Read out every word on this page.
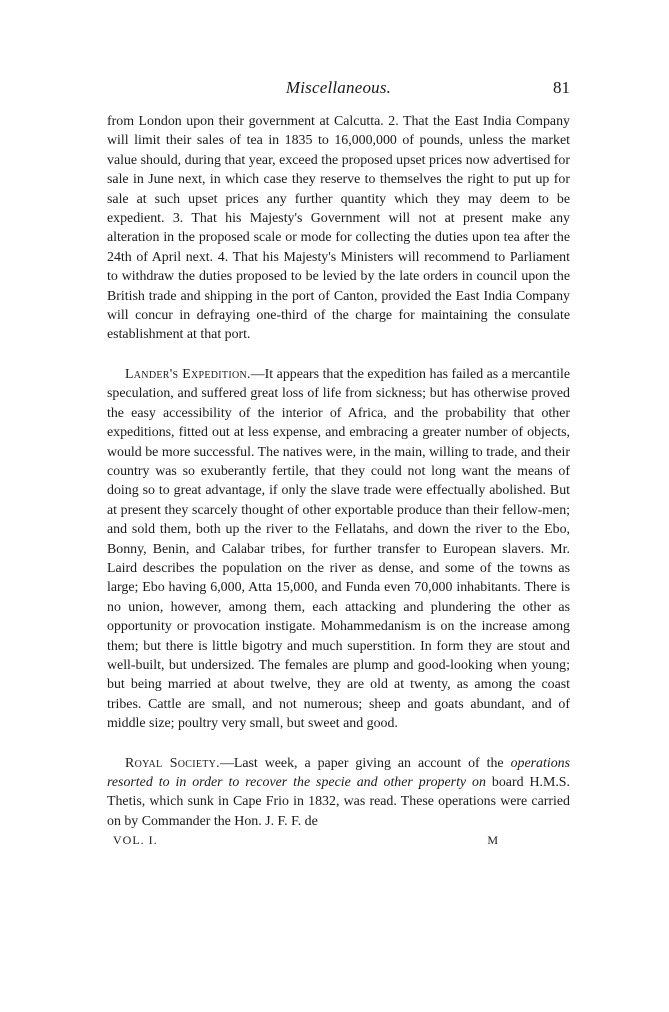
Miscellaneous.	81

from London upon their government at Calcutta. 2. That the East India Company will limit their sales of tea in 1835 to 16,000,000 of pounds, unless the market value should, during that year, exceed the proposed upset prices now advertised for sale in June next, in which case they reserve to themselves the right to put up for sale at such upset prices any further quantity which they may deem to be expedient. 3. That his Majesty's Government will not at present make any alteration in the proposed scale or mode for collecting the duties upon tea after the 24th of April next. 4. That his Majesty's Ministers will recommend to Parliament to withdraw the duties proposed to be levied by the late orders in council upon the British trade and shipping in the port of Canton, provided the East India Company will concur in defraying one-third of the charge for maintaining the consulate establishment at that port.

Lander's Expedition.—It appears that the expedition has failed as a mercantile speculation, and suffered great loss of life from sickness; but has otherwise proved the easy accessibility of the interior of Africa, and the probability that other expeditions, fitted out at less expense, and embracing a greater number of objects, would be more successful. The natives were, in the main, willing to trade, and their country was so exuberantly fertile, that they could not long want the means of doing so to great advantage, if only the slave trade were effectually abolished. But at present they scarcely thought of other exportable produce than their fellow-men; and sold them, both up the river to the Fellatahs, and down the river to the Ebo, Bonny, Benin, and Calabar tribes, for further transfer to European slavers. Mr. Laird describes the population on the river as dense, and some of the towns as large; Ebo having 6,000, Atta 15,000, and Funda even 70,000 inhabitants. There is no union, however, among them, each attacking and plundering the other as opportunity or provocation instigate. Mohammedanism is on the increase among them; but there is little bigotry and much superstition. In form they are stout and well-built, but undersized. The females are plump and good-looking when young; but being married at about twelve, they are old at twenty, as among the coast tribes. Cattle are small, and not numerous; sheep and goats abundant, and of middle size; poultry very small, but sweet and good.

Royal Society.—Last week, a paper giving an account of the operations resorted to in order to recover the specie and other property on board H.M.S. Thetis, which sunk in Cape Frio in 1832, was read. These operations were carried on by Commander the Hon. J. F. F. de

VOL. I.	M
